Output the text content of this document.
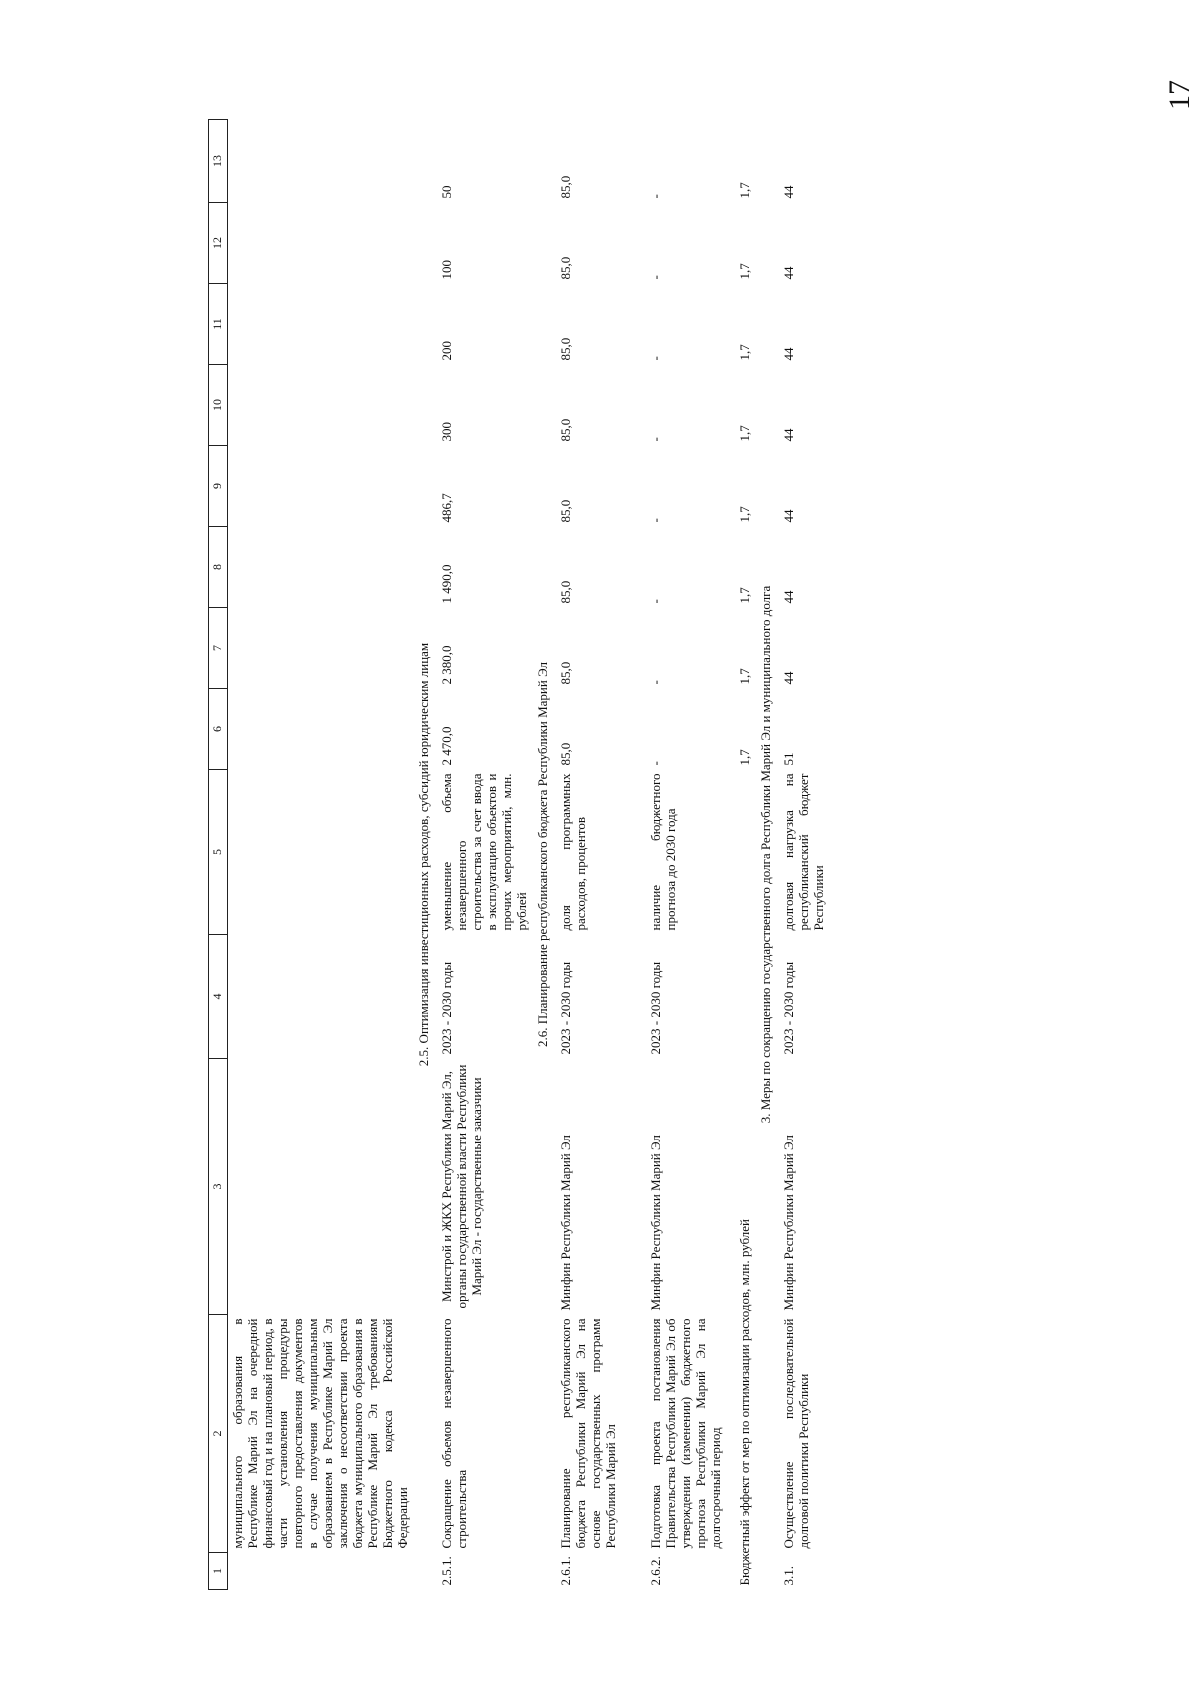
17
1	2	3	4	5	6	7	8	9	10	11	12	13
	муниципального образования в Республике Марий Эл на очередной финансовый год и на плановый период, в части установления процедуры повторного предоставления документов в случае получения муниципальным образованием в Республике Марий Эл заключения о несоответствии проекта бюджета муниципального образования в Республике Марий Эл требованиям Бюджетного кодекса Российской Федерации											
2.5. Оптимизация инвестиционных расходов, субсидий юридическим лицам												
2.5.1.	Сокращение объемов незавершенного строительства	Минстрой и ЖКХ Республики Марий Эл, органы государственной власти Республики Марий Эл - государственные заказчики	2023 - 2030 годы	уменьшение объема незавершенного строительства за счет ввода в эксплуатацию объектов и прочих мероприятий, млн. рублей	2 470,0	2 380,0	1 490,0	486,7	300	200	100	50
2.6. Планирование республиканского бюджета Республики Марий Эл												
2.6.1.	Планирование республиканского бюджета Республики Марий Эл на основе государственных программ Республики Марий Эл	Минфин Республики Марий Эл	2023 - 2030 годы	доля программных расходов, процентов	85,0	85,0	85,0	85,0	85,0	85,0	85,0	85,0

2.6.2.	Подготовка проекта постановления Правительства Республики Марий Эл об утверждении (изменении) бюджетного прогноза Республики Марий Эл на долгосрочный период	Минфин Республики Марий Эл	2023 - 2030 годы	наличие бюджетного прогноза до 2030 года	-	-	-	-	-	-	-	-
Бюджетный эффект от мер по оптимизации расходов, млн. рублей					1,7	1,7	1,7	1,7	1,7	1,7	1,7	1,7
3. Меры по сокращению государственного долга Республики Марий Эл и муниципального долга												
3.1.	Осуществление последовательной долговой политики Республики	Минфин Республики Марий Эл	2023 - 2030 годы	долговая нагрузка на республиканский бюджет Республики	51	44	44	44	44	44	44	44
